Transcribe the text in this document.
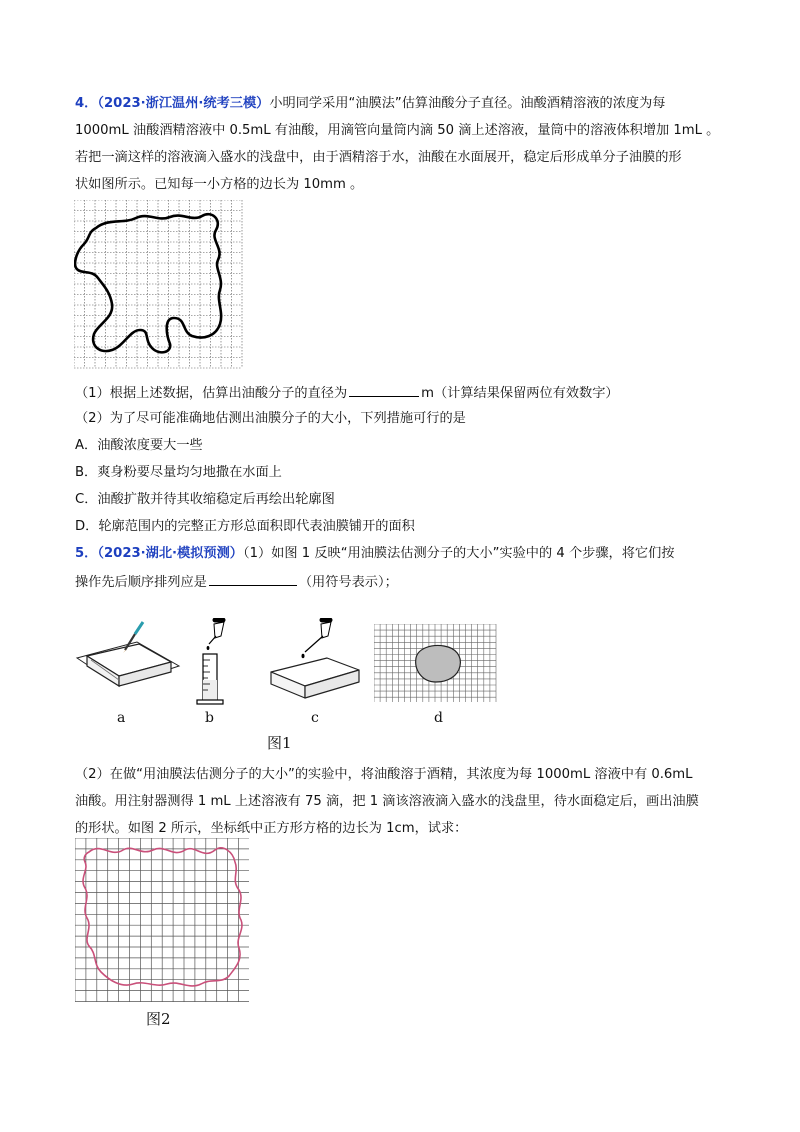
4．（2023·浙江温州·统考三模）小明同学采用“油膜法”估算油酸分子直径。油酸酒精溶液的浓度为每
1000mL 油酸酒精溶液中 0.5mL 有油酸，用滴管向量筒内滴 50 滴上述溶液，量筒中的溶液体积增加 1mL 。
若把一滴这样的溶液滴入盛水的浅盘中，由于酒精溶于水，油酸在水面展开，稳定后形成单分子油膜的形
状如图所示。已知每一小方格的边长为 10mm 。
（1）根据上述数据，估算出油酸分子的直径为	m（计算结果保留两位有效数字）
（2）为了尽可能准确地估测出油膜分子的大小，下列措施可行的是
A．油酸浓度要大一些
B．爽身粉要尽量均匀地撒在水面上
C．油酸扩散并待其收缩稳定后再绘出轮廓图
D．轮廓范围内的完整正方形总面积即代表油膜铺开的面积
5．（2023·湖北·模拟预测）（1）如图 1 反映“用油膜法估测分子的大小”实验中的 4 个步骤，将它们按
操作先后顺序排列应是	（用符号表示）；
a	b	c	d
图1
（2）在做“用油膜法估测分子的大小”的实验中，将油酸溶于酒精，其浓度为每 1000mL 溶液中有 0.6mL
油酸。用注射器测得 1 mL 上述溶液有 75 滴，把 1 滴该溶液滴入盛水的浅盘里，待水面稳定后，画出油膜
的形状。如图 2 所示，坐标纸中正方形方格的边长为 1cm，试求：
图2
